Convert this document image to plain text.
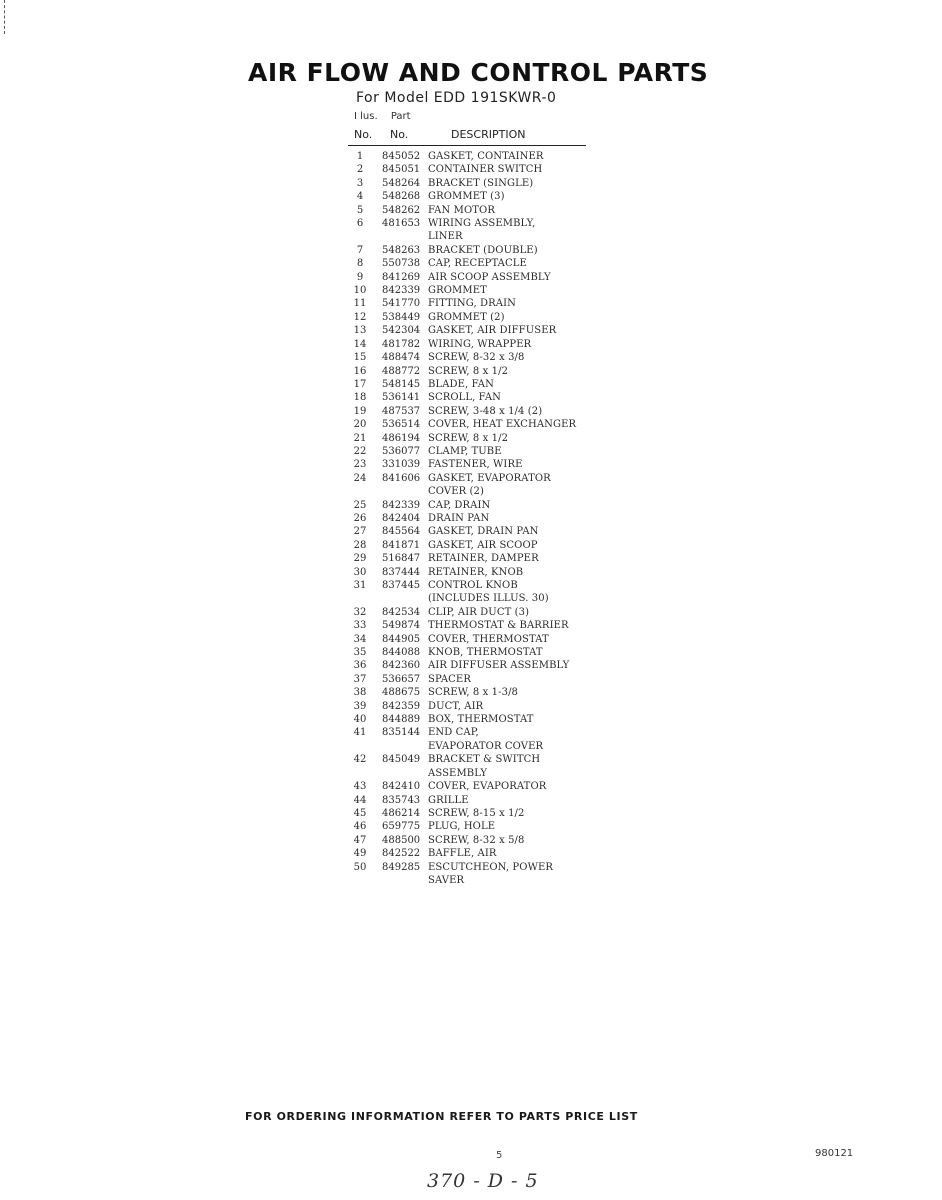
AIR FLOW AND CONTROL PARTS
For Model EDD 191SKWR-0
I lus. Part
No. No.	DESCRIPTION
1 845052 GASKET, CONTAINER
2 845051 CONTAINER SWITCH
3 548264 BRACKET (SINGLE)
4 548268 GROMMET (3)
5 548262 FAN MOTOR
6 481653 WIRING ASSEMBLY,
LINER
7 548263 BRACKET (DOUBLE)
8 550738 CAP, RECEPTACLE
9 841269 AIR SCOOP ASSEMBLY
10 842339 GROMMET
11 541770 FITTING, DRAIN
12 538449 GROMMET (2)
13 542304 GASKET, AIR DIFFUSER
14 481782 WIRING, WRAPPER
15 488474 SCREW, 8-32 x 3/8
16 488772 SCREW, 8 x 1/2
17 548145 BLADE, FAN
18 536141 SCROLL, FAN
19 487537 SCREW, 3-48 x 1/4 (2)
20 536514 COVER, HEAT EXCHANGER
21 486194 SCREW, 8 x 1/2
22 536077 CLAMP, TUBE
23 331039 FASTENER, WIRE
24 841606 GASKET, EVAPORATOR
COVER (2)
25 842339 CAP, DRAIN
26 842404 DRAIN PAN
27 845564 GASKET, DRAIN PAN
28 841871 GASKET, AIR SCOOP
29 516847 RETAINER, DAMPER
30 837444 RETAINER, KNOB
31 837445 CONTROL KNOB
(INCLUDES ILLUS. 30)
32 842534 CLIP, AIR DUCT (3)
33 549874 THERMOSTAT & BARRIER
34 844905 COVER, THERMOSTAT
35 844088 KNOB, THERMOSTAT
36 842360 AIR DIFFUSER ASSEMBLY
37 536657 SPACER
38 488675 SCREW, 8 x 1-3/8
39 842359 DUCT, AIR
40 844889 BOX, THERMOSTAT
41 835144 END CAP,
EVAPORATOR COVER
42 845049 BRACKET & SWITCH
ASSEMBLY
43 842410 COVER, EVAPORATOR
44 835743 GRILLE
45 486214 SCREW, 8-15 x 1/2
46 659775 PLUG, HOLE
47 488500 SCREW, 8-32 x 5/8
49 842522 BAFFLE, AIR
50 849285 ESCUTCHEON, POWER
SAVER
FOR ORDERING INFORMATION REFER TO PARTS PRICE LIST
5	980121
370 - D - 5
